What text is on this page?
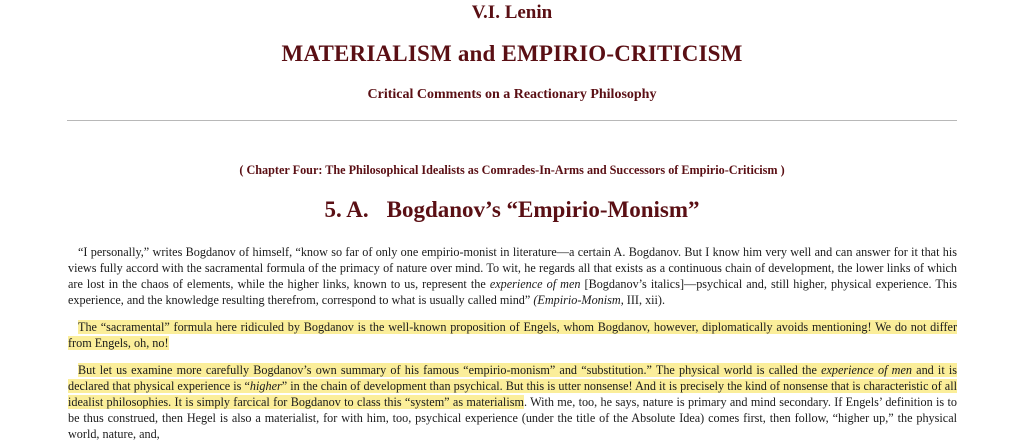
V.I. Lenin
MATERIALISM and EMPIRIO-CRITICISM
Critical Comments on a Reactionary Philosophy
( Chapter Four: The Philosophical Idealists as Comrades-In-Arms and Successors of Empirio-Criticism )
5. A. Bogdanov’s “Empirio-Monism”

“I personally,” writes Bogdanov of himself, “know so far of only one empirio-monist in literature—a certain A. Bogdanov. But I know him very well and can answer for it that his views fully accord with the sacramental formula of the primacy of nature over mind. To wit, he regards all that exists as a continuous chain of development, the lower links of which are lost in the chaos of elements, while the higher links, known to us, represent the experience of men [Bogdanov’s italics]—psychical and, still higher, physical experience. This experience, and the knowledge resulting therefrom, correspond to what is usually called mind” (Empirio-Monism, III, xii).

The “sacramental” formula here ridiculed by Bogdanov is the well-known proposition of Engels, whom Bogdanov, however, diplomatically avoids mentioning! We do not differ from Engels, oh, no!

But let us examine more carefully Bogdanov’s own summary of his famous “empirio-monism” and “substitution.” The physical world is called the experience of men and it is declared that physical experience is “higher” in the chain of development than psychical. But this is utter nonsense! And it is precisely the kind of nonsense that is characteristic of all idealist philosophies. It is simply farcical for Bogdanov to class this “system” as materialism. With me, too, he says, nature is primary and mind secondary. If Engels’ definition is to be thus construed, then Hegel is also a materialist, for with him, too, psychical experience (under the title of the Absolute Idea) comes first, then follow, “higher up,” the physical world, nature, and,
